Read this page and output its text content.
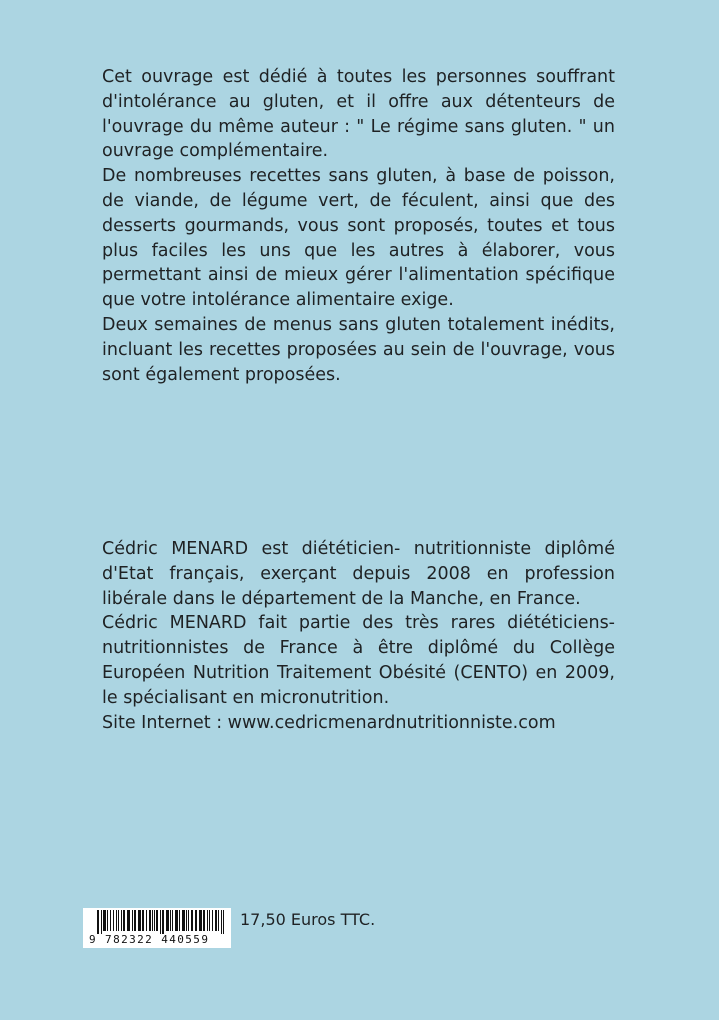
Cet ouvrage est dédié à toutes les personnes souffrant d'intolérance au gluten, et il offre aux détenteurs de l'ouvrage du même auteur : " Le régime sans gluten. " un ouvrage complémentaire.

De nombreuses recettes sans gluten, à base de poisson, de viande, de légume vert, de féculent, ainsi que des desserts gourmands, vous sont proposés, toutes et tous plus faciles les uns que les autres à élaborer, vous permettant ainsi de mieux gérer l'alimentation spécifique que votre intolérance alimentaire exige.

Deux semaines de menus sans gluten totalement inédits, incluant les recettes proposées au sein de l'ouvrage, vous sont également proposées.

Cédric MENARD est diététicien- nutritionniste diplômé d'Etat français, exerçant depuis 2008 en profession libérale dans le département de la Manche, en France.

Cédric MENARD fait partie des très rares diététiciens-nutritionnistes de France à être diplômé du Collège Européen Nutrition Traitement Obésité (CENTO) en 2009, le spécialisant en micronutrition.

Site Internet : www.cedricmenardnutritionniste.com

9 782322 440559
17,50 Euros TTC.
